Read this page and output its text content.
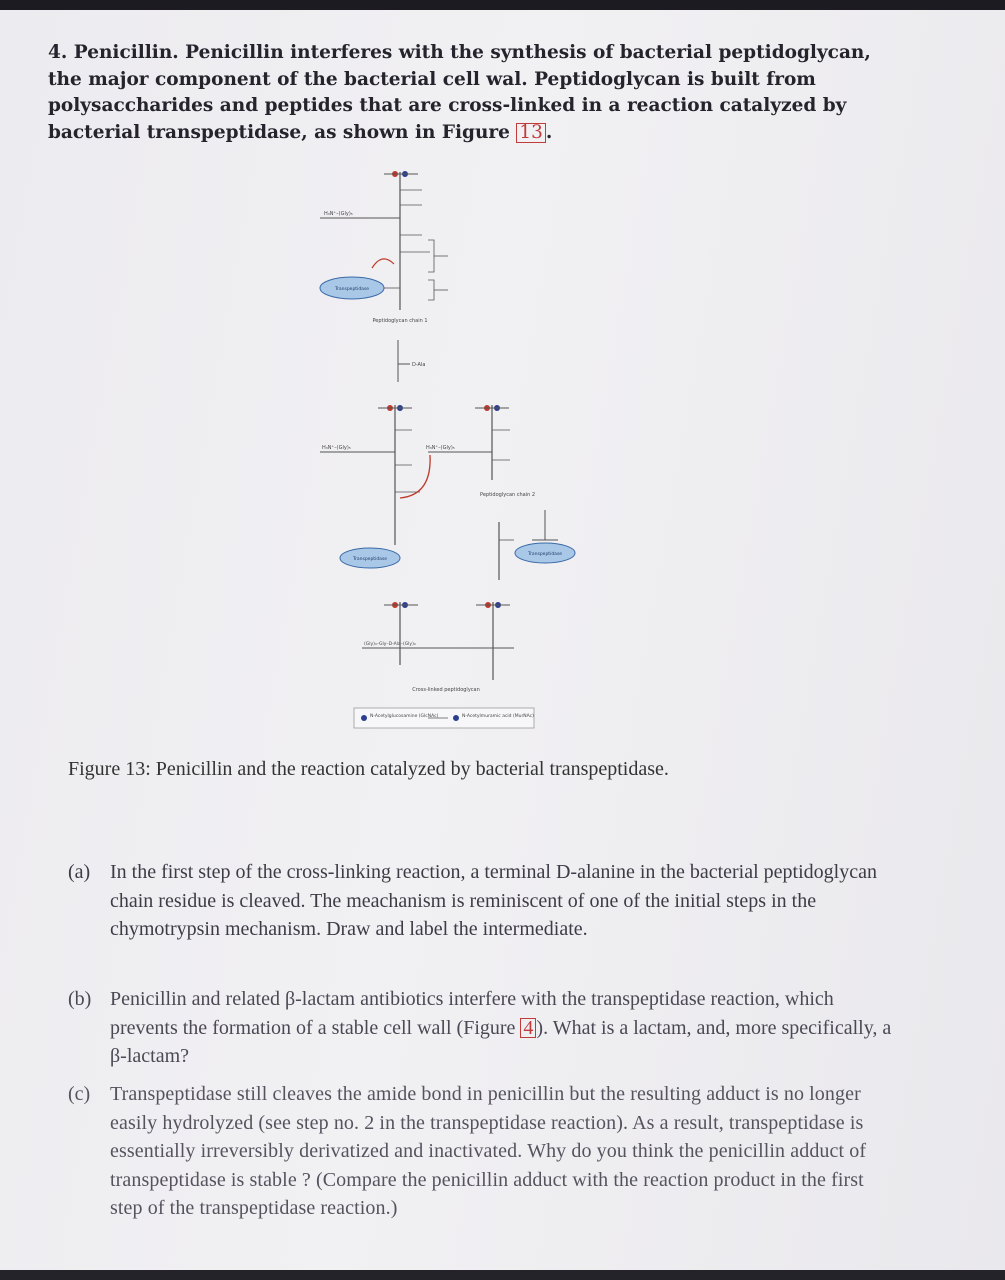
4. Penicillin. Penicillin interferes with the synthesis of bacterial peptidoglycan, the major component of the bacterial cell wal. Peptidoglycan is built from polysaccharides and peptides that are cross-linked in a reaction catalyzed by bacterial transpeptidase, as shown in Figure 13 .
H₃N⁺–(Gly)₅
Transpeptidase
Peptidoglycan chain 1
D-Ala
H₃N⁺–(Gly)₅	H₃N⁺–(Gly)₅
Peptidoglycan chain 2
Transpeptidase
Transpeptidase
(Gly)₄–Gly–D-Ala–(Gly)₄
Cross-linked peptidoglycan
N-Acetylglucosamine (GlcNAc)	N-Acetylmuramic acid (MurNAc)
Figure 13: Penicillin and the reaction catalyzed by bacterial transpeptidase.
(a) In the first step of the cross-linking reaction, a terminal D-alanine in the bacterial peptidoglycan chain residue is cleaved. The meachanism is reminiscent of one of the initial steps in the chymotrypsin mechanism. Draw and label the intermediate.
(b) Penicillin and related β-lactam antibiotics interfere with the transpeptidase reaction, which prevents the formation of a stable cell wall (Figure 4 ). What is a lactam, and, more specifically, a β-lactam?
(c) Transpeptidase still cleaves the amide bond in penicillin but the resulting adduct is no longer easily hydrolyzed (see step no. 2 in the transpeptidase reaction). As a result, transpeptidase is essentially irreversibly derivatized and inactivated. Why do you think the penicillin adduct of transpeptidase is stable ? (Compare the penicillin adduct with the reaction product in the first step of the transpeptidase reaction.)
